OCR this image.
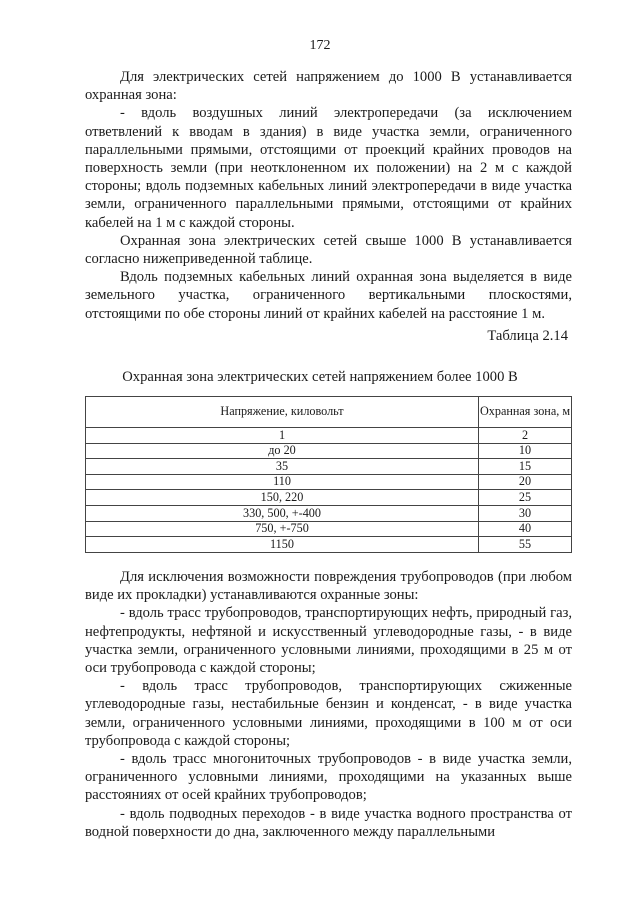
172

Для электрических сетей напряжением до 1000 В устанавливается охранная зона:

- вдоль воздушных линий электропередачи (за исключением ответвлений к вводам в здания) в виде участка земли, ограниченного параллельными прямыми, отстоящими от проекций крайних проводов на поверхность земли (при неотклоненном их положении) на 2 м с каждой стороны; вдоль подземных кабельных линий электропередачи в виде участка земли, ограниченного параллельными прямыми, отстоящими от крайних кабелей на 1 м с каждой стороны.

Охранная зона электрических сетей свыше 1000 В устанавливается согласно нижеприведенной таблице.

Вдоль подземных кабельных линий охранная зона выделяется в виде земельного участка, ограниченного вертикальными плоскостями, отстоящими по обе стороны линий от крайних кабелей на расстояние 1 м.

Таблица 2.14
Охранная зона электрических сетей напряжением более 1000 В
Напряжение, киловольт	Охранная зона, м
1	2
до 20	10
35	15
110	20
150, 220	25
330, 500, +-400	30
750, +-750	40
1150	55

Для исключения возможности повреждения трубопроводов (при любом виде их прокладки) устанавливаются охранные зоны:

- вдоль трасс трубопроводов, транспортирующих нефть, природный газ, нефтепродукты, нефтяной и искусственный углеводородные газы, - в виде участка земли, ограниченного условными линиями, проходящими в 25 м от оси трубопровода с каждой стороны;

- вдоль трасс трубопроводов, транспортирующих сжиженные углеводородные газы, нестабильные бензин и конденсат, - в виде участка земли, ограниченного условными линиями, проходящими в 100 м от оси трубопровода с каждой стороны;

- вдоль трасс многониточных трубопроводов - в виде участка земли, ограниченного условными линиями, проходящими на указанных выше расстояниях от осей крайних трубопроводов;

- вдоль подводных переходов - в виде участка водного пространства от водной поверхности до дна, заключенного между параллельными
